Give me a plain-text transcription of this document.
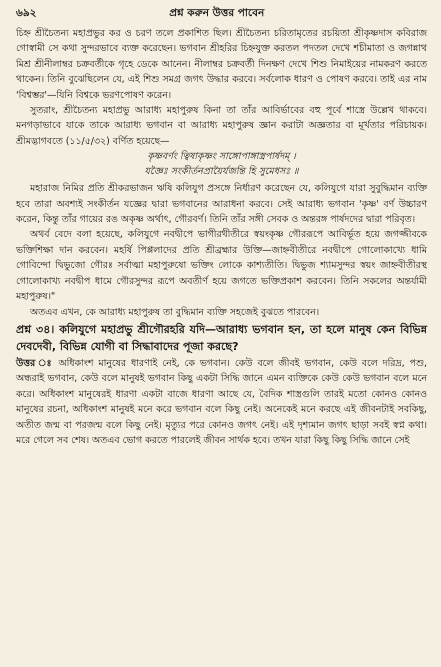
৬৯২	প্রশ্ন করুন উত্তর পাবেন

চিহ্ন শ্রীচৈতন্য মহাপ্রভুর কর ও চরণ তলে প্রকাশিত ছিল। শ্রীচৈতন্য চরিতামৃতের রচয়িতা শ্রীকৃষ্ণদাস কবিরাজ গোস্বামী সে কথা সুন্দরভাবে ব্যক্ত করেছেন। ভগবান শ্রীহরির চিহ্নযুক্ত করতল পদতল দেখে শচীমাতা ও জগন্নাথ মিশ্র শ্রীনীলাম্বর চক্রবর্তীকে গৃহে ডেকে আনেন। নীলাম্বর চক্রবর্তী দিনক্ষণ দেখে শিশু নিমাইয়ের নামকরণ করতে থাকেন। তিনি বুঝেছিলেন যে, এই শিশু সমগ্র জগৎ উদ্ধার করবে। সর্বলোক ধারণ ও পোষণ করবে। তাই এর নাম 'বিশ্বম্ভর'—যিনি বিশ্বকে ভরণপোষণ করেন।

সুতরাং, শ্রীচৈতন্য মহাপ্রভু আরাধ্য মহাপুরুষ কিনা তা তাঁর আবির্ভাবের বহু পূর্বে শাস্ত্রে উল্লেখ থাকবে। মনগড়াভাবে যাকে তাকে আরাধ্য ভগবান বা আরাধ্য মহাপুরুষ জ্ঞান করাটা অজ্ঞতার বা মূর্খতার পরিচায়ক। শ্রীমদ্ভাগবতে (১১/৫/৩২) বর্ণিত হয়েছে—

কৃষ্ণবর্ণং ত্বিষাকৃষ্ণং সাঙ্গোপাঙ্গাস্ত্রপার্ষদম্ ।
যজ্ঞৈঃ সংকীর্তনপ্রায়ৈর্যজন্তি হি সুমেধসঃ ॥

মহারাজ নিমির প্রতি শ্রীকরভাজন ঋষি কলিযুগ প্রসঙ্গে নির্ধারণ করেছেন যে, কলিযুগে যারা সুবুদ্ধিমান ব্যক্তি হবে তারা অবশ্যই সংকীর্তন যজ্ঞের দ্বারা ভগবানের আরাধনা করবে। সেই আরাধ্য ভগবান 'কৃষ্ণ' বর্ণ উচ্চারণ করেন, কিন্তু তাঁর গায়ের রঙ অকৃষ্ণ অর্থাৎ, গৌরবর্ণ। তিনি তাঁর সঙ্গী সেবক ও অন্তরঙ্গ পার্ষদদের দ্বারা পরিবৃত।

অথর্ব বেদে বলা হয়েছে, কলিযুগে নবদ্বীপে ভাগীরথীতীরে স্বয়ংকৃষ্ণ গৌররূপে আবির্ভূত হয়ে জগজ্জীবকে ভক্তিশিক্ষা দান করবেন। মহর্ষি পিপ্পলাদের প্রতি শ্রীব্রহ্মার উক্তি—জাহ্নবীতীরে নবদ্বীপে গোলোকাখ্যে ধামি গোবিন্দো দ্বিভুজো গৌরঃ সর্বাত্মা মহাপুরুষো ভক্তিং লোকে কাশ্যতীতি। দ্বিভুজ শ্যামসুন্দর স্বয়ং জাহ্নবীতীরস্থ গোলোকাখ্য নবদ্বীপ ধামে গৌরসুন্দর রূপে অবতীর্ণ হয়ে জগতে ভক্তিপ্রকাশ করবেন। তিনি সকলের অন্তর্যামী মহাপুরুষ।"

অতএব এখন, কে আরাধ্য মহাপুরুষ তা বুদ্ধিমান ব্যক্তি সহজেই বুঝতে পারবেন।

প্রশ্ন ৩৪। কলিযুগে মহাপ্রভু শ্রীগৌরহরি যদি—আরাধ্য ভগবান হন, তা হলে মানুষ কেন বিভিন্ন দেবদেবী, বিভিন্ন যোগী বা সিদ্ধাবাদের পূজা করছে?

উত্তর ঃ অধিকাংশ মানুষের ধারণাই নেই, কে ভগবান। কেউ বলে জীবই ভগবান, কেউ বলে দরিদ্র, পশু, অন্ধরাই ভগবান, কেউ বলে মানুষই ভগবান কিছু একটা সিদ্ধি জানে এমন ব্যক্তিকে কেউ কেউ ভগবান বলে মনে করে। অধিকাংশ মানুষেরই ধারণা একটা বাজে ধারণা আছে যে, বৈদিক শাস্ত্রগুলি তারই মতো কোনও কোনও মানুষের রচনা, অধিকাংশ মানুষই মনে করে ভগবান বলে কিছু নেই। অনেকেই মনে করছে এই জীবনটাই সবকিছু, অতীত জন্ম বা পরজন্ম বলে কিছু নেই। মৃত্যুর পরে কোনও জগৎ নেই। এই দৃশ্যমান জগৎ ছাড়া সবই স্বপ্ন কথা। মরে গেলে সব শেষ। অতএব ভোগ করতে পারলেই জীবন সার্থক হবে। তখন যারা কিছু কিছু সিদ্ধি জানে সেই
